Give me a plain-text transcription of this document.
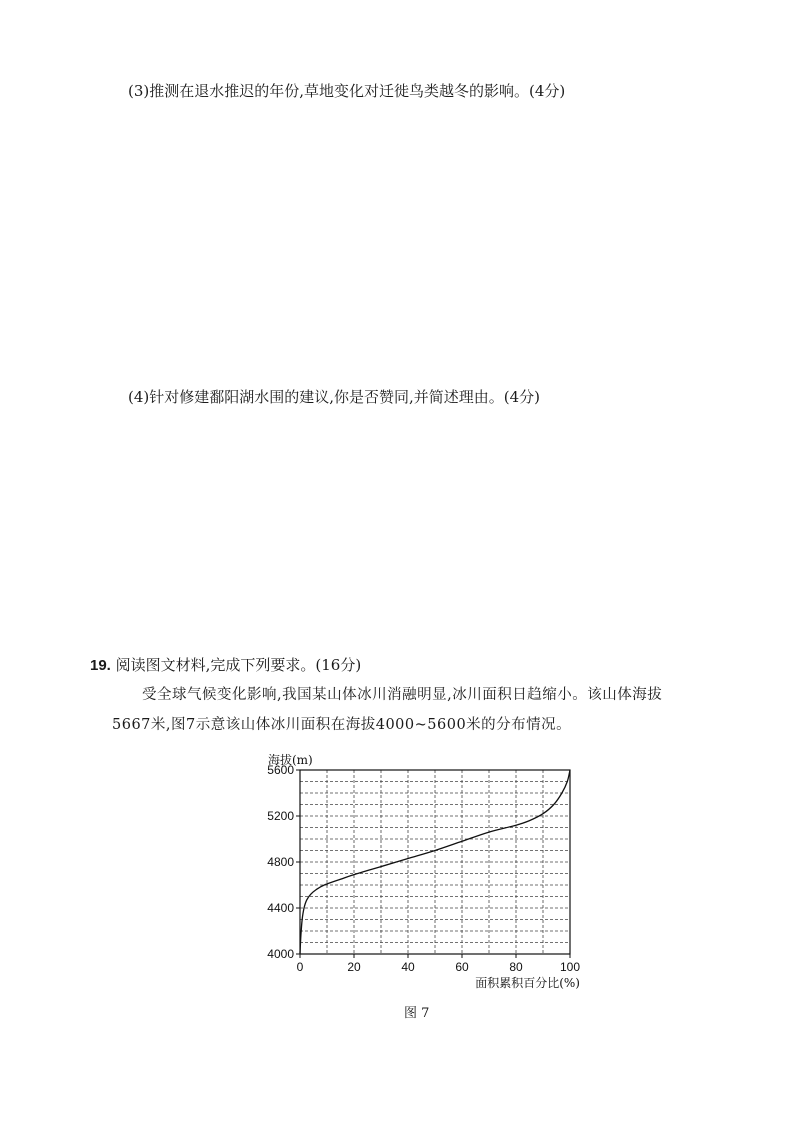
(3)推测在退水推迟的年份,草地变化对迁徙鸟类越冬的影响。(4分)
(4)针对修建鄱阳湖水围的建议,你是否赞同,并简述理由。(4分)
19. 阅读图文材料,完成下列要求。(16分)
受全球气候变化影响,我国某山体冰川消融明显,冰川面积日趋缩小。该山体海拔5667米,图7示意该山体冰川面积在海拔4000~5600米的分布情况。
0	20	40	60	80	100
4000
4400
4800
5200
5600
海拔(m)
面积累积百分比(%)
图 7
